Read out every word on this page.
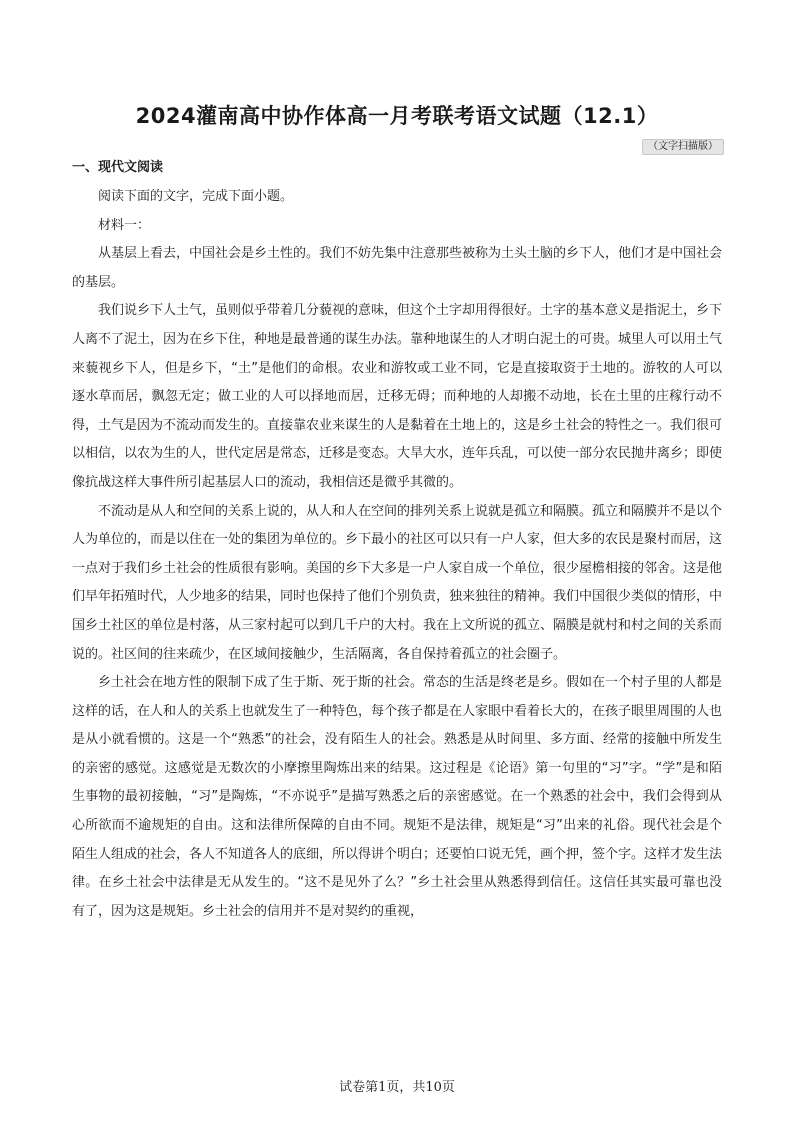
2024灌南高中协作体高一月考联考语文试题（12.1）
（文字扫描版）
一、现代文阅读

阅读下面的文字，完成下面小题。

材料一：

从基层上看去，中国社会是乡土性的。我们不妨先集中注意那些被称为土头土脑的乡下人，他们才是中国社会的基层。

我们说乡下人土气，虽则似乎带着几分藐视的意味，但这个土字却用得很好。土字的基本意义是指泥土，乡下人离不了泥土，因为在乡下住，种地是最普通的谋生办法。靠种地谋生的人才明白泥土的可贵。城里人可以用土气来藐视乡下人，但是乡下，“土”是他们的命根。农业和游牧或工业不同，它是直接取资于土地的。游牧的人可以逐水草而居，飘忽无定；做工业的人可以择地而居，迁移无碍；而种地的人却搬不动地，长在土里的庄稼行动不得，土气是因为不流动而发生的。直接靠农业来谋生的人是黏着在土地上的，这是乡土社会的特性之一。我们很可以相信，以农为生的人，世代定居是常态，迁移是变态。大旱大水，连年兵乱，可以使一部分农民抛井离乡；即使像抗战这样大事件所引起基层人口的流动，我相信还是微乎其微的。

不流动是从人和空间的关系上说的，从人和人在空间的排列关系上说就是孤立和隔膜。孤立和隔膜并不是以个人为单位的，而是以住在一处的集团为单位的。乡下最小的社区可以只有一户人家，但大多的农民是聚村而居，这一点对于我们乡土社会的性质很有影响。美国的乡下大多是一户人家自成一个单位，很少屋檐相接的邻舍。这是他们早年拓殖时代，人少地多的结果，同时也保持了他们个别负责，独来独往的精神。我们中国很少类似的情形，中国乡土社区的单位是村落，从三家村起可以到几千户的大村。我在上文所说的孤立、隔膜是就村和村之间的关系而说的。社区间的往来疏少，在区域间接触少，生活隔离，各自保持着孤立的社会圈子。

乡土社会在地方性的限制下成了生于斯、死于斯的社会。常态的生活是终老是乡。假如在一个村子里的人都是这样的话，在人和人的关系上也就发生了一种特色，每个孩子都是在人家眼中看着长大的，在孩子眼里周围的人也是从小就看惯的。这是一个“熟悉”的社会，没有陌生人的社会。熟悉是从时间里、多方面、经常的接触中所发生的亲密的感觉。这感觉是无数次的小摩擦里陶炼出来的结果。这过程是《论语》第一句里的“习”字。“学”是和陌生事物的最初接触，“习”是陶炼，“不亦说乎”是描写熟悉之后的亲密感觉。在一个熟悉的社会中，我们会得到从心所欲而不逾规矩的自由。这和法律所保障的自由不同。规矩不是法律，规矩是“习”出来的礼俗。现代社会是个陌生人组成的社会，各人不知道各人的底细，所以得讲个明白；还要怕口说无凭，画个押，签个字。这样才发生法律。在乡土社会中法律是无从发生的。“这不是见外了么？”乡土社会里从熟悉得到信任。这信任其实最可靠也没有了，因为这是规矩。乡土社会的信用并不是对契约的重视，

试卷第1页，共10页
